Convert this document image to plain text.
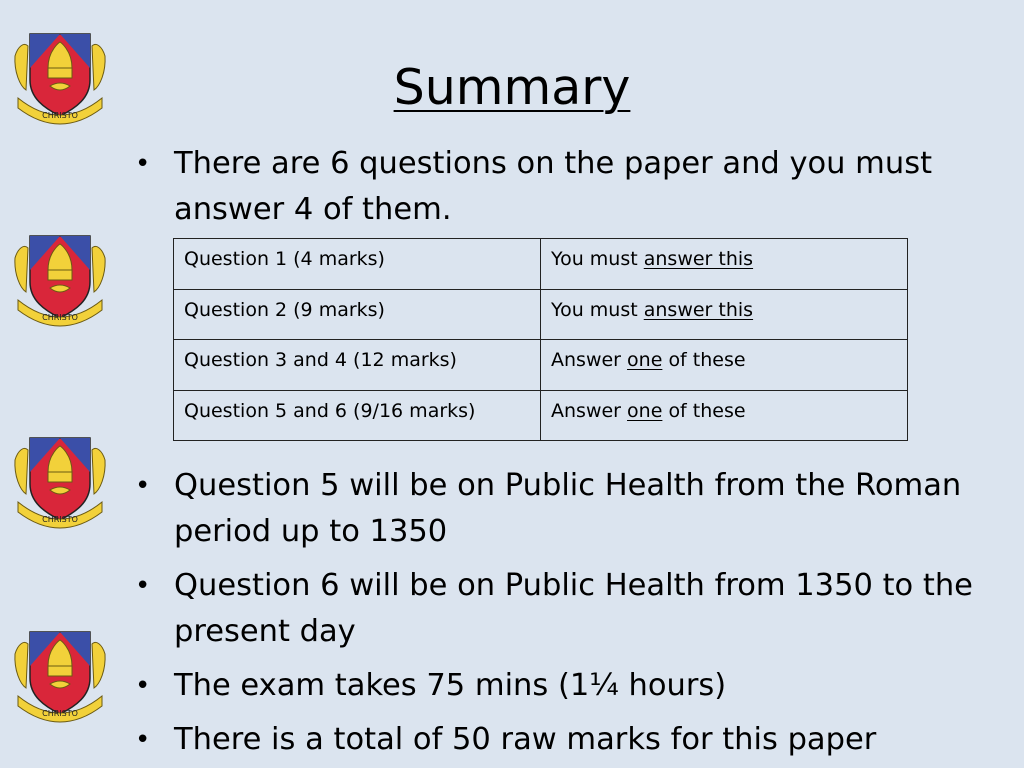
Summary
CHRISTO
CHRISTO
CHRISTO
CHRISTO
• There are 6 questions on the paper and you must answer 4 of them.
Question 1 (4 marks)	You must answer this
Question 2 (9 marks)	You must answer this
Question 3 and 4 (12 marks)	Answer one of these
Question 5 and 6 (9/16 marks)	Answer one of these
• Question 5 will be on Public Health from the Roman period up to 1350
• Question 6 will be on Public Health from 1350 to the present day
• The exam takes 75 mins (1¼ hours)
• There is a total of 50 raw marks for this paper
